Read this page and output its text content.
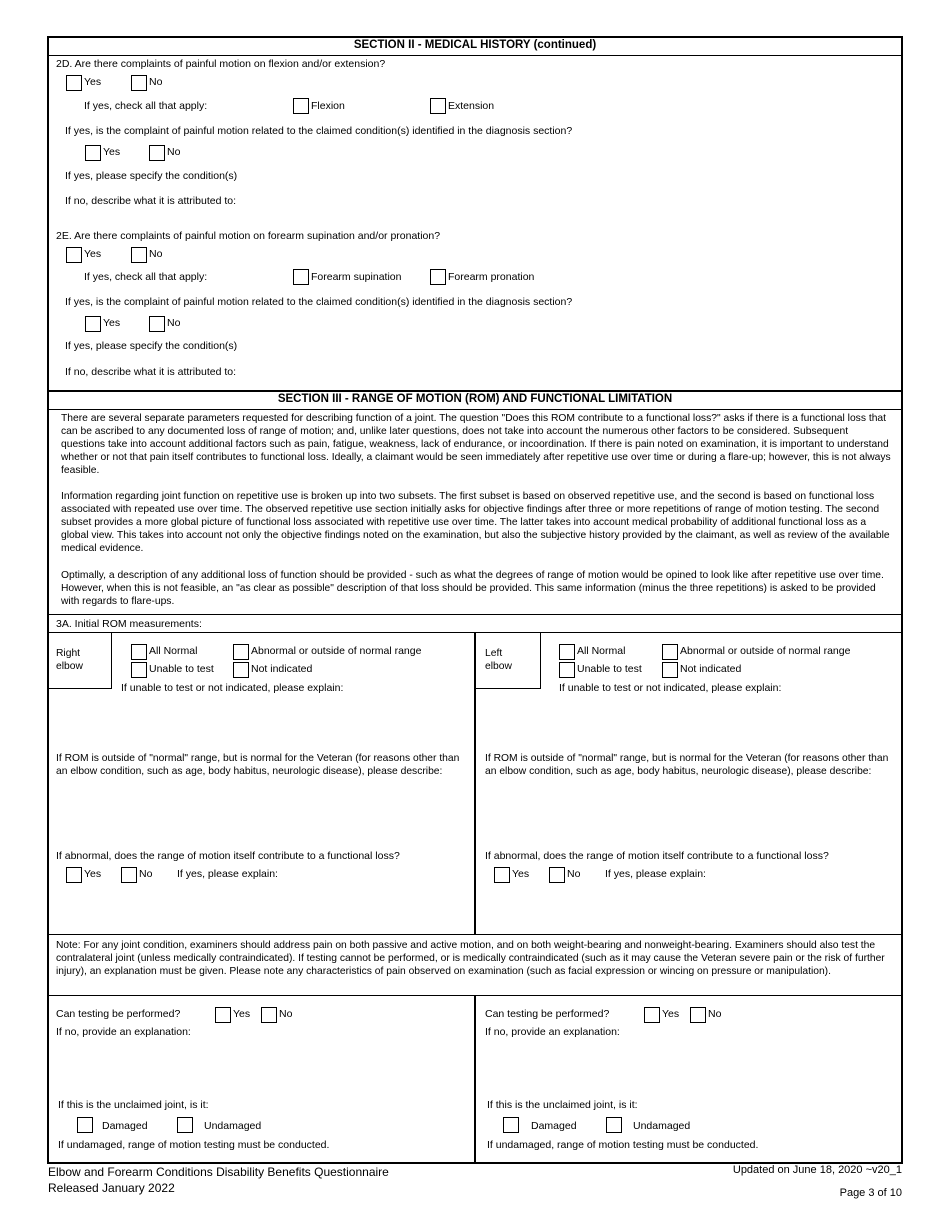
SECTION II - MEDICAL HISTORY (continued)
2D. Are there complaints of painful motion on flexion and/or extension?
Yes	No
If yes, check all that apply:	Flexion	Extension
If yes, is the complaint of painful motion related to the claimed condition(s) identified in the diagnosis section?
Yes	No
If yes, please specify the condition(s)
If no, describe what it is attributed to:
2E. Are there complaints of painful motion on forearm supination and/or pronation?
Yes	No
If yes, check all that apply:	Forearm supination	Forearm pronation
If yes, is the complaint of painful motion related to the claimed condition(s) identified in the diagnosis section?
Yes	No
If yes, please specify the condition(s)
If no, describe what it is attributed to:
SECTION III - RANGE OF MOTION (ROM) AND FUNCTIONAL LIMITATION
There are several separate parameters requested for describing function of a joint. The question "Does this ROM contribute to a functional loss?" asks if there is a functional loss that can be ascribed to any documented loss of range of motion; and, unlike later questions, does not take into account the numerous other factors to be considered. Subsequent questions take into account additional factors such as pain, fatigue, weakness, lack of endurance, or incoordination. If there is pain noted on examination, it is important to understand whether or not that pain itself contributes to functional loss. Ideally, a claimant would be seen immediately after repetitive use over time or during a flare-up; however, this is not always feasible.
Information regarding joint function on repetitive use is broken up into two subsets. The first subset is based on observed repetitive use, and the second is based on functional loss associated with repeated use over time. The observed repetitive use section initially asks for objective findings after three or more repetitions of range of motion testing. The second subset provides a more global picture of functional loss associated with repetitive use over time. The latter takes into account medical probability of additional functional loss as a global view. This takes into account not only the objective findings noted on the examination, but also the subjective history provided by the claimant, as well as review of the available medical evidence.
Optimally, a description of any additional loss of function should be provided - such as what the degrees of range of motion would be opined to look like after repetitive use over time. However, when this is not feasible, an "as clear as possible" description of that loss should be provided. This same information (minus the three repetitions) is asked to be provided with regards to flare-ups.
3A. Initial ROM measurements:
Right elbow
All Normal	Abnormal or outside of normal range
Unable to test	Not indicated
If unable to test or not indicated, please explain:
If ROM is outside of "normal" range, but is normal for the Veteran (for reasons other than an elbow condition, such as age, body habitus, neurologic disease), please describe:
If abnormal, does the range of motion itself contribute to a functional loss?
Yes	No If yes, please explain:
Left elbow
All Normal	Abnormal or outside of normal range
Unable to test	Not indicated
If unable to test or not indicated, please explain:
If ROM is outside of "normal" range, but is normal for the Veteran (for reasons other than an elbow condition, such as age, body habitus, neurologic disease), please describe:
If abnormal, does the range of motion itself contribute to a functional loss?
Yes	No If yes, please explain:
Note: For any joint condition, examiners should address pain on both passive and active motion, and on both weight-bearing and nonweight-bearing. Examiners should also test the contralateral joint (unless medically contraindicated). If testing cannot be performed, or is medically contraindicated (such as it may cause the Veteran severe pain or the risk of further injury), an explanation must be given. Please note any characteristics of pain observed on examination (such as facial expression or wincing on pressure or manipulation).
Can testing be performed?	Yes	No
If no, provide an explanation:
If this is the unclaimed joint, is it:
Damaged	Undamaged
If undamaged, range of motion testing must be conducted.
Can testing be performed?	Yes	No
If no, provide an explanation:
If this is the unclaimed joint, is it:
Damaged	Undamaged
If undamaged, range of motion testing must be conducted.
Elbow and Forearm Conditions Disability Benefits Questionnaire
Released January 2022
Updated on June 18, 2020 ~v20_1
Page 3 of 10
